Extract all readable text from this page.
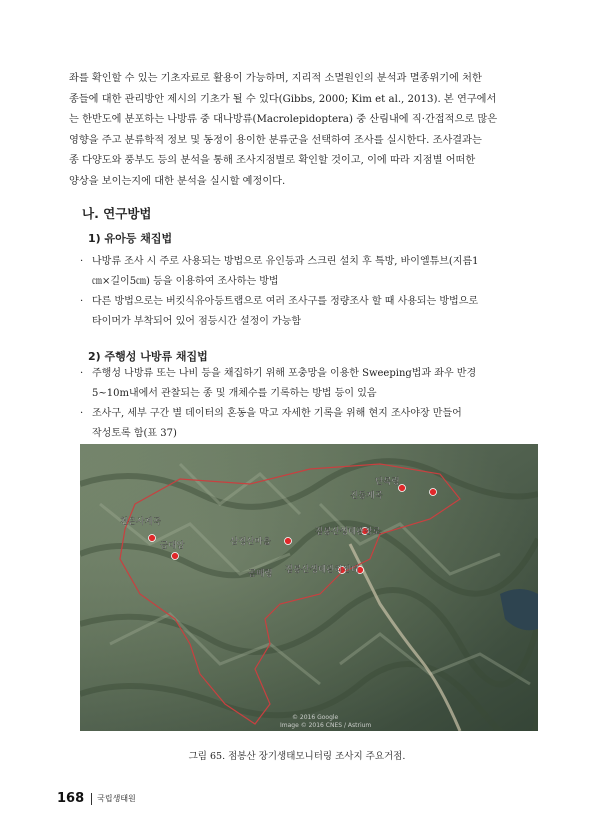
좌를 확인할 수 있는 기초자료로 활용이 가능하며, 지리적 소멸원인의 분석과 멸종위기에 처한
종들에 대한 관리방안 제시의 기초가 될 수 있다(Gibbs, 2000; Kim et al., 2013). 본 연구에서
는 한반도에 분포하는 나방류 중 대나방류(Macrolepidoptera) 중 산림내에 직·간접적으로 많은
영향을 주고 분류학적 정보 및 동정이 용이한 분류군을 선택하여 조사를 실시한다. 조사결과는
종 다양도와 풍부도 등의 분석을 통해 조사지점별로 확인할 것이고, 이에 따라 지점별 어떠한
양상을 보이는지에 대한 분석을 실시할 예정이다.
나. 연구방법
1) 유아등 채집법
· 나방류 조사 시 주로 사용되는 방법으로 유인등과 스크린 설치 후 특방, 바이엘튜브(지름1
㎝×길이5㎝) 등을 이용하여 조사하는 방법
· 다른 방법으로는 버킷식유아등트랩으로 여러 조사구를 정량조사 할 때 사용되는 방법으로
타이머가 부착되어 있어 점등시간 설정이 가능함
2) 주행성 나방류 채집법
· 주행성 나방류 또는 나비 등을 채집하기 위해 포충망을 이용한 Sweeping법과 좌우 반경
5~10m내에서 관찰되는 종 및 개체수를 기록하는 방법 등이 있음
· 조사구, 세부 구간 별 데이터의 혼동을 막고 자세한 기록을 위해 현지 조사야장 만들어
작성토록 함(표 37)
천은사계곡
금대암	삼정산마을
점봉산생태관찰로
단목령
진동계곡
곰배령 점봉산생태관리센터
© 2016 Google
Image © 2016 CNES / Astrium
그림 65. 점봉산 장기생태모니터링 조사지 주요거점.
168 국립생태원
